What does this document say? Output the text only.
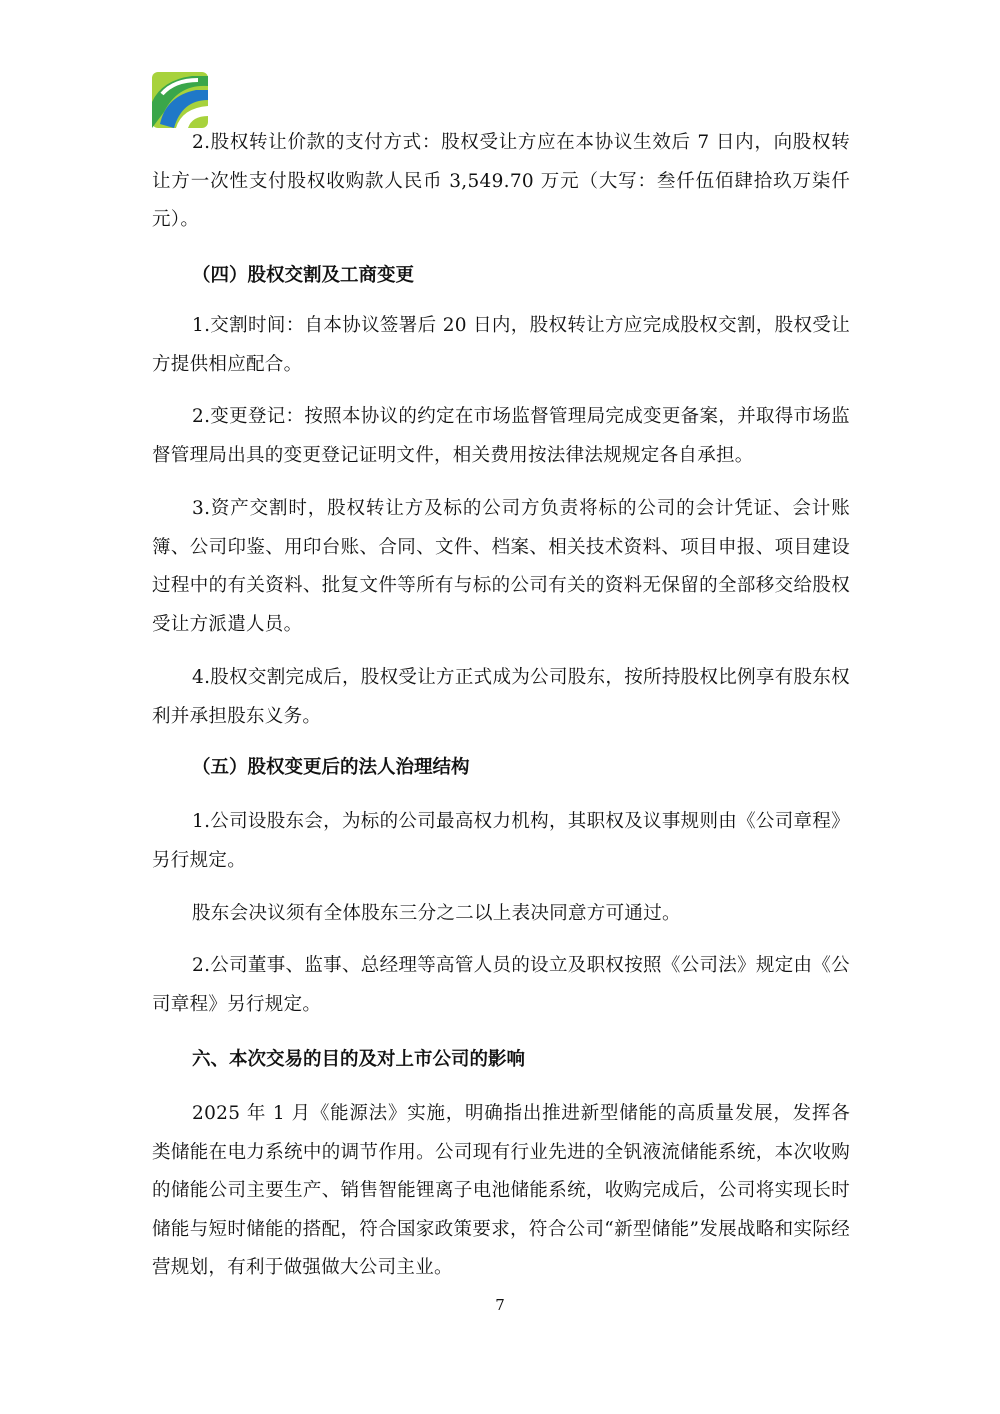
2.股权转让价款的支付方式：股权受让方应在本协议生效后 7 日内，向股权转让方一次性支付股权收购款人民币 3,549.70 万元（大写：叁仟伍佰肆拾玖万柒仟元）。

（四）股权交割及工商变更

1.交割时间：自本协议签署后 20 日内，股权转让方应完成股权交割，股权受让方提供相应配合。

2.变更登记：按照本协议的约定在市场监督管理局完成变更备案，并取得市场监督管理局出具的变更登记证明文件，相关费用按法律法规规定各自承担。

3.资产交割时，股权转让方及标的公司方负责将标的公司的会计凭证、会计账簿、公司印鉴、用印台账、合同、文件、档案、相关技术资料、项目申报、项目建设过程中的有关资料、批复文件等所有与标的公司有关的资料无保留的全部移交给股权受让方派遣人员。

4.股权交割完成后，股权受让方正式成为公司股东，按所持股权比例享有股东权利并承担股东义务。

（五）股权变更后的法人治理结构

1.公司设股东会，为标的公司最高权力机构，其职权及议事规则由《公司章程》另行规定。

股东会决议须有全体股东三分之二以上表决同意方可通过。

2.公司董事、监事、总经理等高管人员的设立及职权按照《公司法》规定由《公司章程》另行规定。

六、本次交易的目的及对上市公司的影响

2025 年 1 月《能源法》实施，明确指出推进新型储能的高质量发展，发挥各类储能在电力系统中的调节作用。公司现有行业先进的全钒液流储能系统，本次收购的储能公司主要生产、销售智能锂离子电池储能系统，收购完成后，公司将实现长时储能与短时储能的搭配，符合国家政策要求，符合公司“新型储能”发展战略和实际经营规划，有利于做强做大公司主业。

7
